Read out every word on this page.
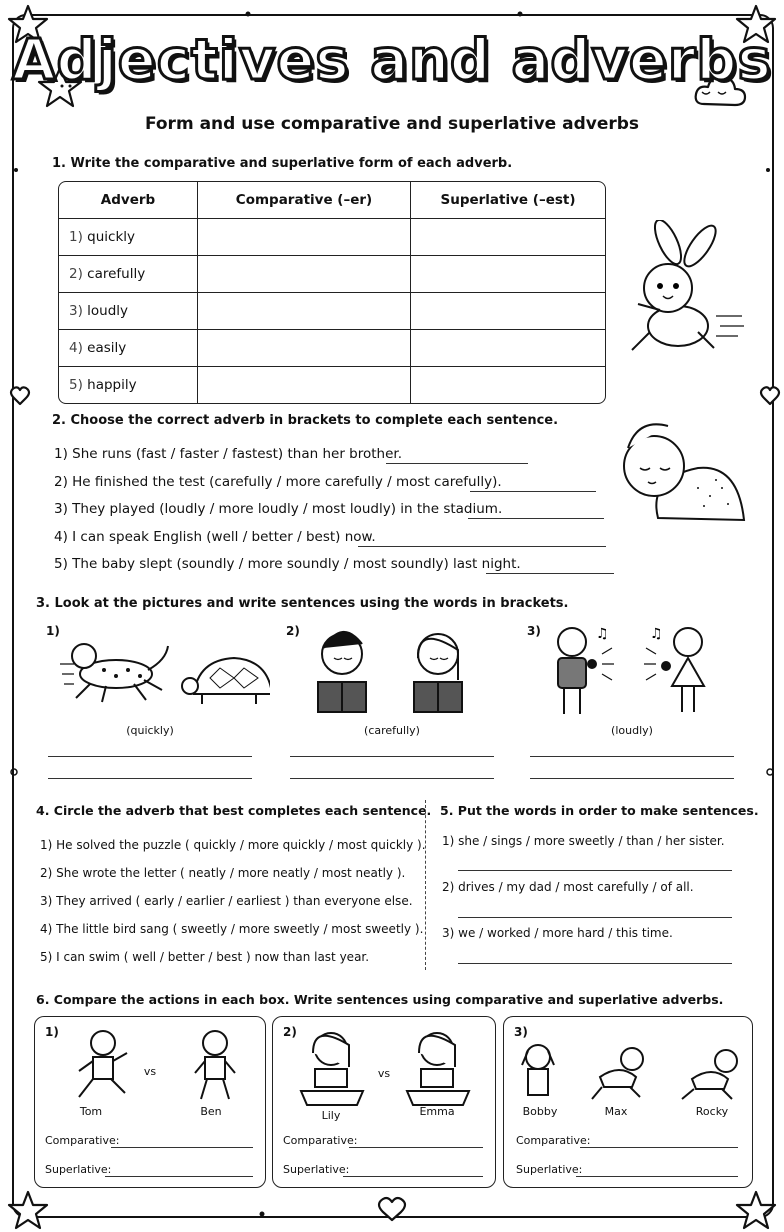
Adjectives and adverbs
Form and use comparative and superlative adverbs
1. Write the comparative and superlative form of each adverb.
Adverb	Comparative (–er)	Superlative (–est)
1) quickly		
2) carefully		
3) loudly		
4) easily		
5) happily		
2. Choose the correct adverb in brackets to complete each sentence.
1) She runs (fast / faster / fastest) than her brother.
2) He finished the test (carefully / more carefully / most carefully).
3) They played (loudly / more loudly / most loudly) in the stadium.
4) I can speak English (well / better / best) now.
5) The baby slept (soundly / more soundly / most soundly) last night.
3. Look at the pictures and write sentences using the words in brackets.
1)	2)	3)	♫	♫
(quickly)	(carefully)	(loudly)
4. Circle the adverb that best completes each sentence.
1) He solved the puzzle ( quickly / more quickly / most quickly ).
2) She wrote the letter ( neatly / more neatly / most neatly ).
3) They arrived ( early / earlier / earliest ) than everyone else.
4) The little bird sang ( sweetly / more sweetly / most sweetly ).
5) I can swim ( well / better / best ) now than last year.
5. Put the words in order to make sentences.
1) she / sings / more sweetly / than / her sister.
2) drives / my dad / most carefully / of all.
3) we / worked / more hard / this time.
6. Compare the actions in each box. Write sentences using comparative and superlative adverbs.
1)
vs
Tom	Ben
Comparative:
Superlative:
2)
vs
Lily	Emma
Comparative:
Superlative:
3)
Bobby	Max	Rocky
Comparative:
Superlative:
